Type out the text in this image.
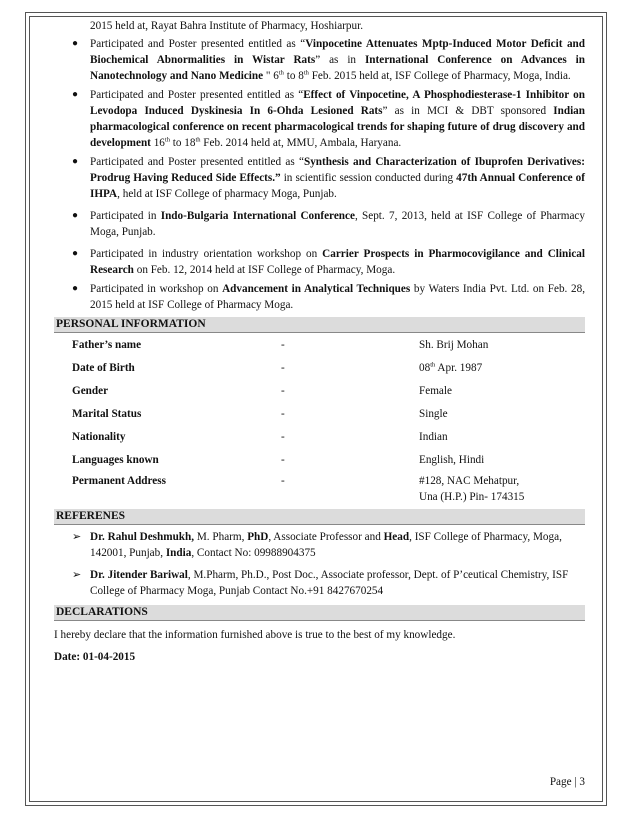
2015 held at, Rayat Bahra Institute of Pharmacy, Hoshiarpur.
● Participated and Poster presented entitled as “Vinpocetine Attenuates Mptp-Induced Motor Deficit and Biochemical Abnormalities in Wistar Rats” as in International Conference on Advances in Nanotechnology and Nano Medicine " 6th to 8th Feb. 2015 held at, ISF College of Pharmacy, Moga, India.
● Participated and Poster presented entitled as “Effect of Vinpocetine, A Phosphodiesterase-1 Inhibitor on Levodopa Induced Dyskinesia In 6-Ohda Lesioned Rats” as in MCI & DBT sponsored Indian pharmacological conference on recent pharmacological trends for shaping future of drug discovery and development 16th to 18th Feb. 2014 held at, MMU, Ambala, Haryana.
● Participated and Poster presented entitled as “Synthesis and Characterization of Ibuprofen Derivatives: Prodrug Having Reduced Side Effects.” in scientific session conducted during 47th Annual Conference of IHPA, held at ISF College of pharmacy Moga, Punjab.
● Participated in Indo-Bulgaria International Conference, Sept. 7, 2013, held at ISF College of Pharmacy Moga, Punjab.
● Participated in industry orientation workshop on Carrier Prospects in Pharmocovigilance and Clinical Research on Feb. 12, 2014 held at ISF College of Pharmacy, Moga.
● Participated in workshop on Advancement in Analytical Techniques by Waters India Pvt. Ltd. on Feb. 28, 2015 held at ISF College of Pharmacy Moga.
PERSONAL INFORMATION
Father’s name	-	Sh. Brij Mohan
Date of Birth	-	08th Apr. 1987
Gender	-	Female
Marital Status	-	Single
Nationality	-	Indian
Languages known	-	English, Hindi
Permanent Address	-	#128, NAC Mehatpur,
Una (H.P.) Pin- 174315
REFERENES
➢ Dr. Rahul Deshmukh, M. Pharm, PhD, Associate Professor and Head, ISF College of Pharmacy, Moga, 142001, Punjab, India, Contact No: 09988904375
➢ Dr. Jitender Bariwal, M.Pharm, Ph.D., Post Doc., Associate professor, Dept. of P’ceutical Chemistry, ISF College of Pharmacy Moga, Punjab Contact No.+91 8427670254
DECLARATIONS
I hereby declare that the information furnished above is true to the best of my knowledge.
Date: 01-04-2015
Page | 3
